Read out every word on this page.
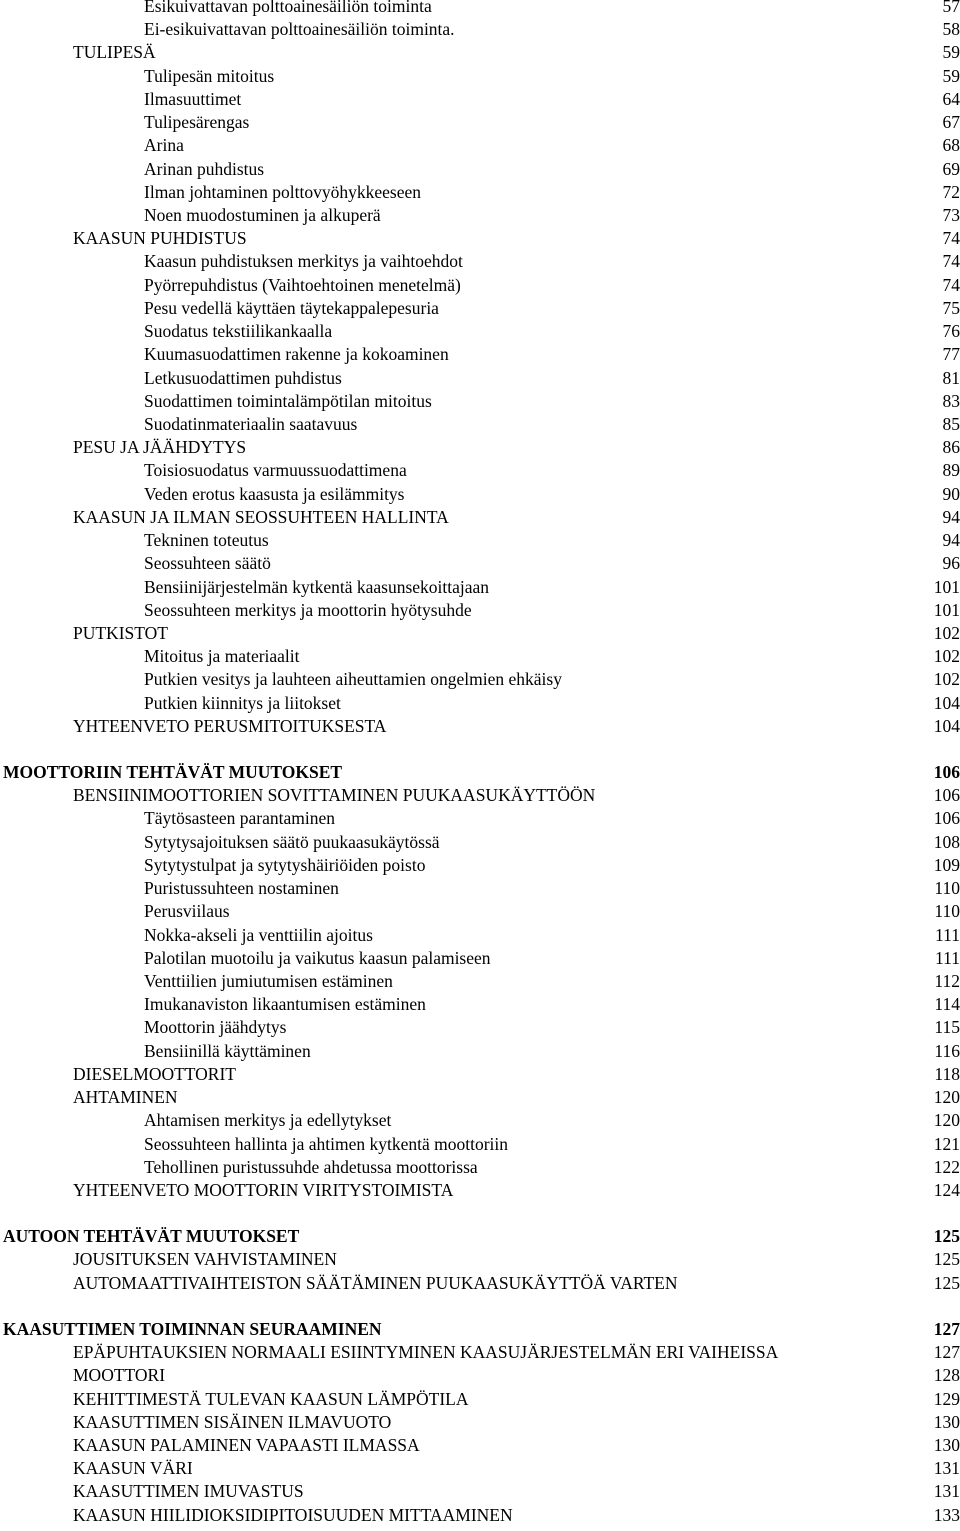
Esikuivattavan polttoainesäiliön toiminta	57
Ei-esikuivattavan polttoainesäiliön toiminta.	58
TULIPESÄ	59
Tulipesän mitoitus	59
Ilmasuuttimet	64
Tulipesärengas	67
Arina	68
Arinan puhdistus	69
Ilman johtaminen polttovyöhykkeeseen	72
Noen muodostuminen ja alkuperä	73
KAASUN PUHDISTUS	74
Kaasun puhdistuksen merkitys ja vaihtoehdot	74
Pyörrepuhdistus (Vaihtoehtoinen menetelmä)	74
Pesu vedellä käyttäen täytekappalepesuria	75
Suodatus tekstiilikankaalla	76
Kuumasuodattimen rakenne ja kokoaminen	77
Letkusuodattimen puhdistus	81
Suodattimen toimintalämpötilan mitoitus	83
Suodatinmateriaalin saatavuus	85
PESU JA JÄÄHDYTYS	86
Toisiosuodatus varmuussuodattimena	89
Veden erotus kaasusta ja esilämmitys	90
KAASUN JA ILMAN SEOSSUHTEEN HALLINTA	94
Tekninen toteutus	94
Seossuhteen säätö	96
Bensiinijärjestelmän kytkentä kaasunsekoittajaan	101
Seossuhteen merkitys ja moottorin hyötysuhde	101
PUTKISTOT	102
Mitoitus ja materiaalit	102
Putkien vesitys ja lauhteen aiheuttamien ongelmien ehkäisy	102
Putkien kiinnitys ja liitokset	104
YHTEENVETO PERUSMITOITUKSESTA	104
MOOTTORIIN TEHTÄVÄT MUUTOKSET	106
BENSIINIMOOTTORIEN SOVITTAMINEN PUUKAASUKÄYTTÖÖN	106
Täytösasteen parantaminen	106
Sytytysajoituksen säätö puukaasukäytössä	108
Sytytystulpat ja sytytyshäiriöiden poisto	109
Puristussuhteen nostaminen	110
Perusviilaus	110
Nokka-akseli ja venttiilin ajoitus	111
Palotilan muotoilu ja vaikutus kaasun palamiseen	111
Venttiilien jumiutumisen estäminen	112
Imukanaviston likaantumisen estäminen	114
Moottorin jäähdytys	115
Bensiinillä käyttäminen	116
DIESELMOOTTORIT	118
AHTAMINEN	120
Ahtamisen merkitys ja edellytykset	120
Seossuhteen hallinta ja ahtimen kytkentä moottoriin	121
Tehollinen puristussuhde ahdetussa moottorissa	122
YHTEENVETO MOOTTORIN VIRITYSTOIMISTA	124
AUTOON TEHTÄVÄT MUUTOKSET	125
JOUSITUKSEN VAHVISTAMINEN	125
AUTOMAATTIVAIHTEISTON SÄÄTÄMINEN PUUKAASUKÄYTTÖÄ VARTEN	125
KAASUTTIMEN TOIMINNAN SEURAAMINEN	127
EPÄPUHTAUKSIEN NORMAALI ESIINTYMINEN KAASUJÄRJESTELMÄN ERI VAIHEISSA	127
MOOTTORI	128
KEHITTIMESTÄ TULEVAN KAASUN LÄMPÖTILA	129
KAASUTTIMEN SISÄINEN ILMAVUOTO	130
KAASUN PALAMINEN VAPAASTI ILMASSA	130
KAASUN VÄRI	131
KAASUTTIMEN IMUVASTUS	131
KAASUN HIILIDIOKSIDIPITOISUUDEN MITTAAMINEN	133
